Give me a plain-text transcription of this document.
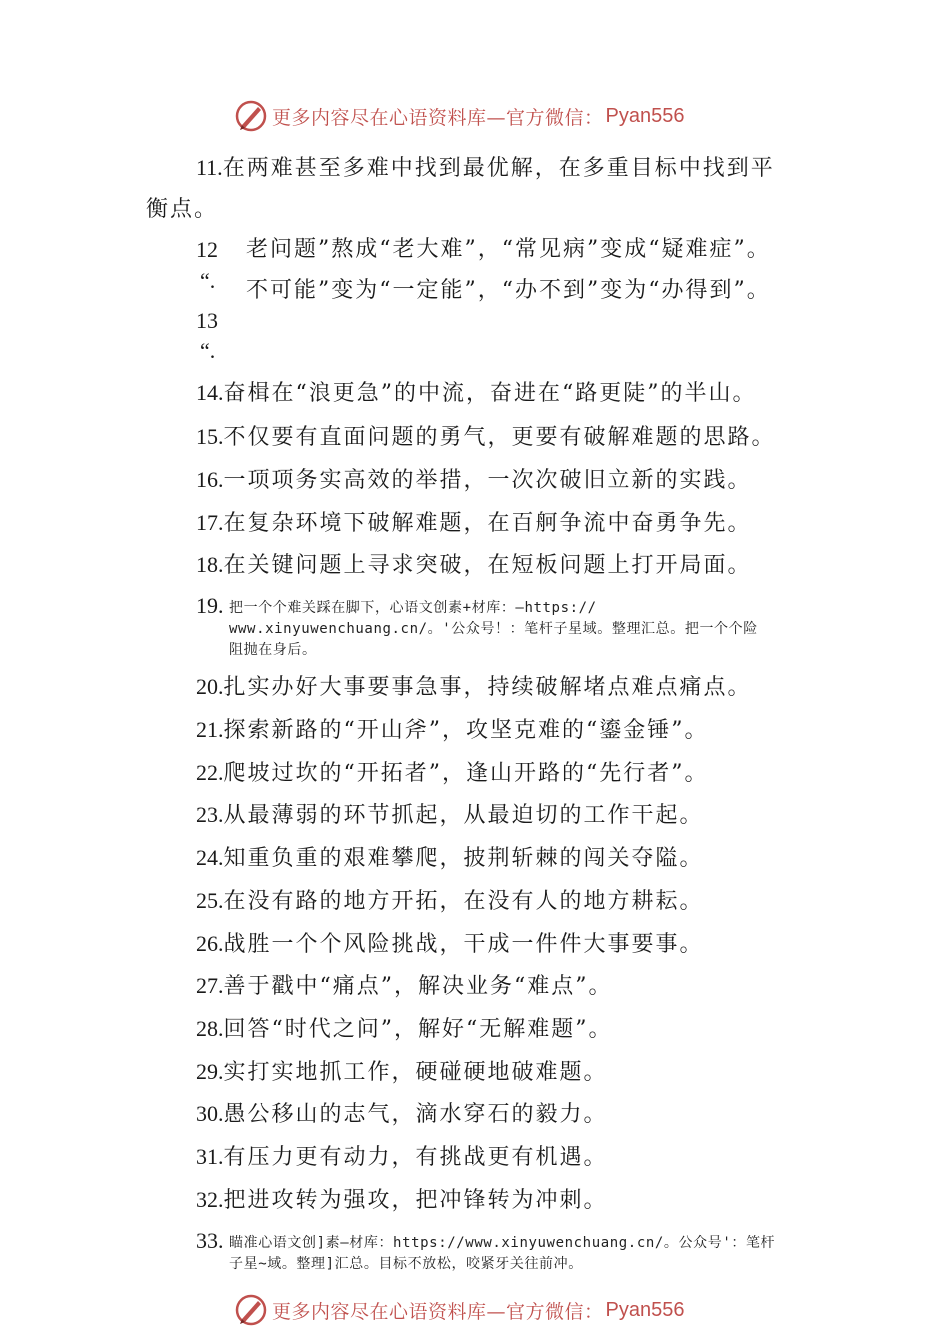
更多内容尽在心语资料库—官方微信： Pyan556
11.在两难甚至多难中找到最优解，在多重目标中找到平
衡点。
12
“.
老问题”熬成“老大难”，“常见病”变成“疑难症”。
不可能”变为“一定能”，“办不到”变为“办得到”。
13
“.
14.奋楫在“浪更急”的中流，奋进在“路更陡”的半山。
15.不仅要有直面问题的勇气，更要有破解难题的思路。
16.一项项务实高效的举措，一次次破旧立新的实践。
17.在复杂环境下破解难题，在百舸争流中奋勇争先。
18.在关键问题上寻求突破，在短板问题上打开局面。
19. 把一个个难关踩在脚下，心语文创素+材库：—https://
www.xinyuwenchuang.cn/。'公众号！：笔杆子星域。整理汇总。把一个个险
阻抛在身后。
20.扎实办好大事要事急事，持续破解堵点难点痛点。
21.探索新路的“开山斧”，攻坚克难的“鎏金锤”。
22.爬坡过坎的“开拓者”，逢山开路的“先行者”。
23.从最薄弱的环节抓起，从最迫切的工作干起。
24.知重负重的艰难攀爬，披荆斩棘的闯关夺隘。
25.在没有路的地方开拓，在没有人的地方耕耘。
26.战胜一个个风险挑战，干成一件件大事要事。
27.善于戳中“痛点”，解决业务“难点”。
28.回答“时代之问”，解好“无解难题”。
29.实打实地抓工作，硬碰硬地破难题。
30.愚公移山的志气，滴水穿石的毅力。
31.有压力更有动力，有挑战更有机遇。
32.把进攻转为强攻，把冲锋转为冲刺。
33. 瞄准心语文创]素—材库：https://www.xinyuwenchuang.cn/。公众号'：笔杆
子星~域。整理]汇总。目标不放松，咬紧牙关往前冲。
更多内容尽在心语资料库—官方微信： Pyan556
